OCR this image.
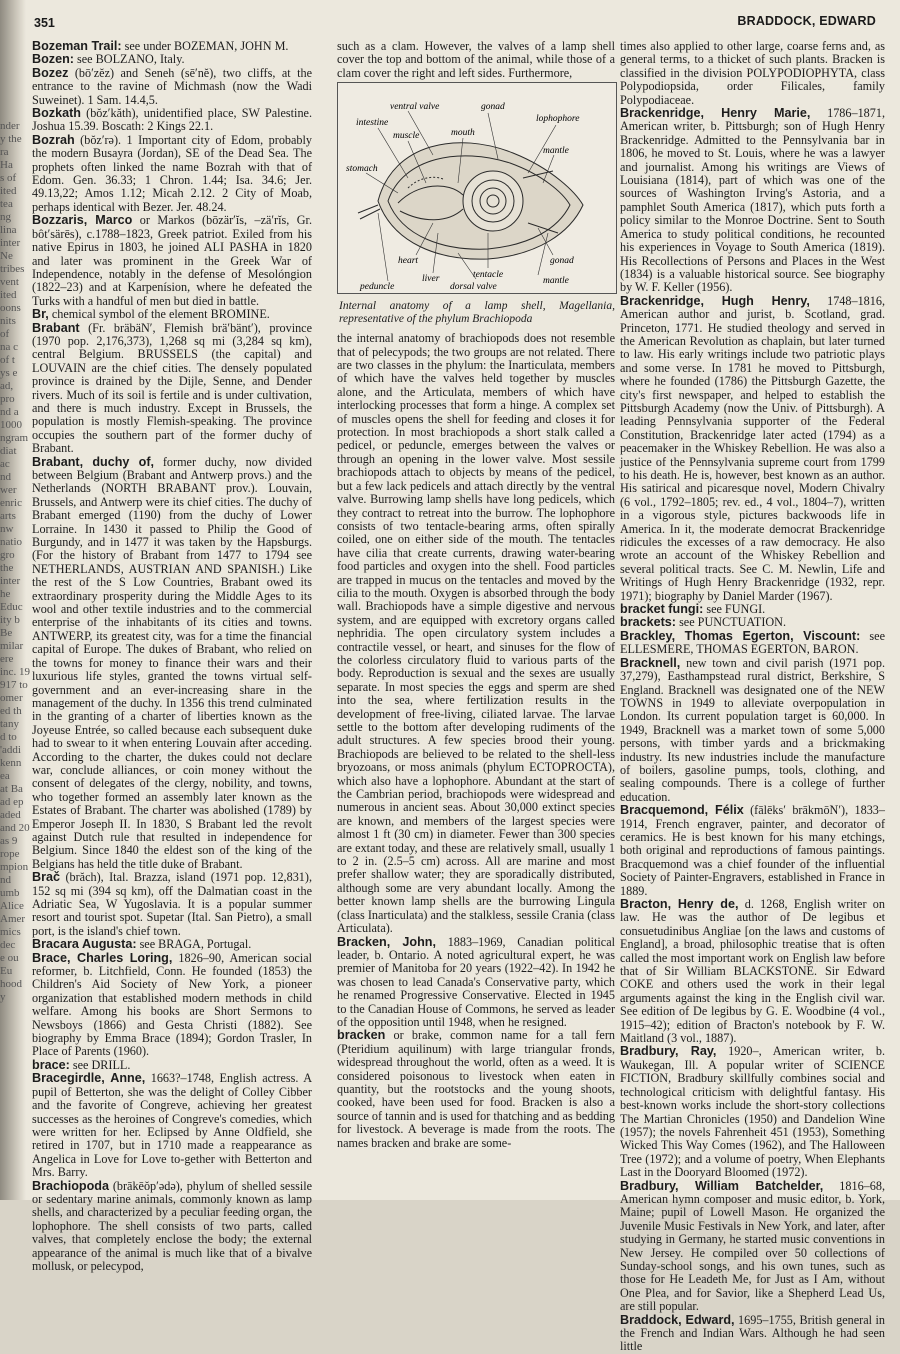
nder
y the
ra
Ha
s of
ited
tea
ng
lina
inter
Ne
tribes
vent
ited
oons
nits
of
na c
of t
ys e
ad,
pro
nd a
1000
ngram
diat
ac
nd
wer
enric
arts
nw
natio
gro
the
inter
he
Educ
ity b
Be
milar
ere
inc. 19
917 to
omer
ed th
tany
d to
'addi
kenn
ea
at Ba
ad ep
aded
and 20
as 9
rope
mpion
nd
umb
Alice
Amer
mics
dec
e ou
Eu
hood
y
351	BRADDOCK, EDWARD
Bozeman Trail: see under BOZEMAN, JOHN M.
Bozen: see BOLZANO, Italy.
Bozez (bō′zĕz) and Seneh (sē′nĕ), two cliffs, at the entrance to the ravine of Michmash (now the Wadi Suweinet). 1 Sam. 14.4,5.
Bozkath (bŏz′kăth), unidentified place, SW Palestine. Joshua 15.39. Boscath: 2 Kings 22.1.
Bozrah (bŏz′rə). 1 Important city of Edom, probably the modern Busayra (Jordan), SE of the Dead Sea. The prophets often linked the name Bozrah with that of Edom. Gen. 36.33; 1 Chron. 1.44; Isa. 34.6; Jer. 49.13,22; Amos 1.12; Micah 2.12. 2 City of Moab, perhaps identical with Bezer. Jer. 48.24.
Bozzaris, Marco or Markos (bōzär′ĭs, –zä′rĭs, Gr. bôt′särēs), c.1788–1823, Greek patriot. Exiled from his native Epirus in 1803, he joined ALI PASHA in 1820 and later was prominent in the Greek War of Independence, notably in the defense of Mesolóngion (1822–23) and at Karpenísion, where he defeated the Turks with a handful of men but died in battle.
Br, chemical symbol of the element BROMINE.
Brabant (Fr. bräbäN′, Flemish brä′bänt′), province (1970 pop. 2,176,373), 1,268 sq mi (3,284 sq km), central Belgium. BRUSSELS (the capital) and LOUVAIN are the chief cities. The densely populated province is drained by the Dijle, Senne, and Dender rivers. Much of its soil is fertile and is under cultivation, and there is much industry. Except in Brussels, the population is mostly Flemish-speaking. The province occupies the southern part of the former duchy of Brabant.
Brabant, duchy of, former duchy, now divided between Belgium (Brabant and Antwerp provs.) and the Netherlands (NORTH BRABANT prov.). Louvain, Brussels, and Antwerp were its chief cities. The duchy of Brabant emerged (1190) from the duchy of Lower Lorraine. In 1430 it passed to Philip the Good of Burgundy, and in 1477 it was taken by the Hapsburgs. (For the history of Brabant from 1477 to 1794 see NETHERLANDS, AUSTRIAN AND SPANISH.) Like the rest of the S Low Countries, Brabant owed its extraordinary prosperity during the Middle Ages to its wool and other textile industries and to the commercial enterprise of the inhabitants of its cities and towns. ANTWERP, its greatest city, was for a time the financial capital of Europe. The dukes of Brabant, who relied on the towns for money to finance their wars and their luxurious life styles, granted the towns virtual self-government and an ever-increasing share in the management of the duchy. In 1356 this trend culminated in the granting of a charter of liberties known as the Joyeuse Entrée, so called because each subsequent duke had to swear to it when entering Louvain after acceding. According to the charter, the dukes could not declare war, conclude alliances, or coin money without the consent of delegates of the clergy, nobility, and towns, who together formed an assembly later known as the Estates of Brabant. The charter was abolished (1789) by Emperor Joseph II. In 1830, S Brabant led the revolt against Dutch rule that resulted in independence for Belgium. Since 1840 the eldest son of the king of the Belgians has held the title duke of Brabant.
Brač (brăch), Ital. Brazza, island (1971 pop. 12,831), 152 sq mi (394 sq km), off the Dalmatian coast in the Adriatic Sea, W Yugoslavia. It is a popular summer resort and tourist spot. Supetar (Ital. San Pietro), a small port, is the island's chief town.
Bracara Augusta: see BRAGA, Portugal.
Brace, Charles Loring, 1826–90, American social reformer, b. Litchfield, Conn. He founded (1853) the Children's Aid Society of New York, a pioneer organization that established modern methods in child welfare. Among his books are Short Sermons to Newsboys (1866) and Gesta Christi (1882). See biography by Emma Brace (1894); Gordon Trasler, In Place of Parents (1960).
brace: see DRILL.
Bracegirdle, Anne, 1663?–1748, English actress. A pupil of Betterton, she was the delight of Colley Cibber and the favorite of Congreve, achieving her greatest successes as the heroines of Congreve's comedies, which were written for her. Eclipsed by Anne Oldfield, she retired in 1707, but in 1710 made a reappearance as Angelica in Love for Love to-gether with Betterton and Mrs. Barry.
Brachiopoda (brākēŏp′ədə), phylum of shelled sessile or sedentary marine animals, commonly known as lamp shells, and characterized by a peculiar feeding organ, the lophophore. The shell consists of two parts, called valves, that completely enclose the body; the external appearance of the animal is much like that of a bivalve mollusk, or pelecypod,
such as a clam. However, the valves of a lamp shell cover the top and bottom of the animal, while those of a clam cover the right and left sides. Furthermore,
ventral valve	gonad
intestine	lophophore
muscle	mouth
mantle
stomach
heart	gonad
tentacle
liver	mantle
peduncle	dorsal valve
Internal anatomy of a lamp shell, Magellania, representative of the phylum Brachiopoda
the internal anatomy of brachiopods does not resemble that of pelecypods; the two groups are not related. There are two classes in the phylum: the Inarticulata, members of which have the valves held together by muscles alone, and the Articulata, members of which have interlocking processes that form a hinge. A complex set of muscles opens the shell for feeding and closes it for protection. In most brachiopods a short stalk called a pedicel, or peduncle, emerges between the valves or through an opening in the lower valve. Most sessile brachiopods attach to objects by means of the pedicel, but a few lack pedicels and attach directly by the ventral valve. Burrowing lamp shells have long pedicels, which they contract to retreat into the burrow. The lophophore consists of two tentacle-bearing arms, often spirally coiled, one on either side of the mouth. The tentacles have cilia that create currents, drawing water-bearing food particles and oxygen into the shell. Food particles are trapped in mucus on the tentacles and moved by the cilia to the mouth. Oxygen is absorbed through the body wall. Brachiopods have a simple digestive and nervous system, and are equipped with excretory organs called nephridia. The open circulatory system includes a contractile vessel, or heart, and sinuses for the flow of the colorless circulatory fluid to various parts of the body. Reproduction is sexual and the sexes are usually separate. In most species the eggs and sperm are shed into the sea, where fertilization results in the development of free-living, ciliated larvae. The larvae settle to the bottom after developing rudiments of the adult structures. A few species brood their young. Brachiopods are believed to be related to the shell-less bryozoans, or moss animals (phylum ECTOPROCTA), which also have a lophophore. Abundant at the start of the Cambrian period, brachiopods were widespread and numerous in ancient seas. About 30,000 extinct species are known, and members of the largest species were almost 1 ft (30 cm) in diameter. Fewer than 300 species are extant today, and these are relatively small, usually 1 to 2 in. (2.5–5 cm) across. All are marine and most prefer shallow water; they are sporadically distributed, although some are very abundant locally. Among the better known lamp shells are the burrowing Lingula (class Inarticulata) and the stalkless, sessile Crania (class Articulata).
Bracken, John, 1883–1969, Canadian political leader, b. Ontario. A noted agricultural expert, he was premier of Manitoba for 20 years (1922–42). In 1942 he was chosen to lead Canada's Conservative party, which he renamed Progressive Conservative. Elected in 1945 to the Canadian House of Commons, he served as leader of the opposition until 1948, when he resigned.
bracken or brake, common name for a tall fern (Pteridium aquilinum) with large triangular fronds, widespread throughout the world, often as a weed. It is considered poisonous to livestock when eaten in quantity, but the rootstocks and the young shoots, cooked, have been used for food. Bracken is also a source of tannin and is used for thatching and as bedding for livestock. A beverage is made from the roots. The names bracken and brake are some-
times also applied to other large, coarse ferns and, as general terms, to a thicket of such plants. Bracken is classified in the division POLYPODIOPHYTA, class Polypodiopsida, order Filicales, family Polypodiaceae.
Brackenridge, Henry Marie, 1786–1871, American writer, b. Pittsburgh; son of Hugh Henry Brackenridge. Admitted to the Pennsylvania bar in 1806, he moved to St. Louis, where he was a lawyer and journalist. Among his writings are Views of Louisiana (1814), part of which was one of the sources of Washington Irving's Astoria, and a pamphlet South America (1817), which puts forth a policy similar to the Monroe Doctrine. Sent to South America to study political conditions, he recounted his experiences in Voyage to South America (1819). His Recollections of Persons and Places in the West (1834) is a valuable historical source. See biography by W. F. Keller (1956).
Brackenridge, Hugh Henry, 1748–1816, American author and jurist, b. Scotland, grad. Princeton, 1771. He studied theology and served in the American Revolution as chaplain, but later turned to law. His early writings include two patriotic plays and some verse. In 1781 he moved to Pittsburgh, where he founded (1786) the Pittsburgh Gazette, the city's first newspaper, and helped to establish the Pittsburgh Academy (now the Univ. of Pittsburgh). A leading Pennsylvania supporter of the Federal Constitution, Brackenridge later acted (1794) as a peacemaker in the Whiskey Rebellion. He was also a justice of the Pennsylvania supreme court from 1799 to his death. He is, however, best known as an author. His satirical and picaresque novel, Modern Chivalry (6 vol., 1792–1805; rev. ed., 4 vol., 1804–7), written in a vigorous style, pictures backwoods life in America. In it, the moderate democrat Brackenridge ridicules the excesses of a raw democracy. He also wrote an account of the Whiskey Rebellion and several political tracts. See C. M. Newlin, Life and Writings of Hugh Henry Brackenridge (1932, repr. 1971); biography by Daniel Marder (1967).
bracket fungi: see FUNGI.
brackets: see PUNCTUATION.
Brackley, Thomas Egerton, Viscount: see ELLESMERE, THOMAS EGERTON, BARON.
Bracknell, new town and civil parish (1971 pop. 37,279), Easthampstead rural district, Berkshire, S England. Bracknell was designated one of the NEW TOWNS in 1949 to alleviate overpopulation in London. Its current population target is 60,000. In 1949, Bracknell was a market town of some 5,000 persons, with timber yards and a brickmaking industry. Its new industries include the manufacture of boilers, gasoline pumps, tools, clothing, and sealing compounds. There is a college of further education.
Bracquemond, Félix (fālēks′ brākmōN′), 1833–1914, French engraver, painter, and decorator of ceramics. He is best known for his many etchings, both original and reproductions of famous paintings. Bracquemond was a chief founder of the influential Society of Painter-Engravers, established in France in 1889.
Bracton, Henry de, d. 1268, English writer on law. He was the author of De legibus et consuetudinibus Angliae [on the laws and customs of England], a broad, philosophic treatise that is often called the most important work on English law before that of Sir William BLACKSTONE. Sir Edward COKE and others used the work in their legal arguments against the king in the English civil war. See edition of De legibus by G. E. Woodbine (4 vol., 1915–42); edition of Bracton's notebook by F. W. Maitland (3 vol., 1887).
Bradbury, Ray, 1920–, American writer, b. Waukegan, Ill. A popular writer of SCIENCE FICTION, Bradbury skillfully combines social and technological criticism with delightful fantasy. His best-known works include the short-story collections The Martian Chronicles (1950) and Dandelion Wine (1957); the novels Fahrenheit 451 (1953), Something Wicked This Way Comes (1962), and The Halloween Tree (1972); and a volume of poetry, When Elephants Last in the Dooryard Bloomed (1972).
Bradbury, William Batchelder, 1816–68, American hymn composer and music editor, b. York, Maine; pupil of Lowell Mason. He organized the Juvenile Music Festivals in New York, and later, after studying in Germany, he started music conventions in New Jersey. He compiled over 50 collections of Sunday-school songs, and his own tunes, such as those for He Leadeth Me, for Just as I Am, without One Plea, and for Savior, like a Shepherd Lead Us, are still popular.
Braddock, Edward, 1695–1755, British general in the French and Indian Wars. Although he had seen little
